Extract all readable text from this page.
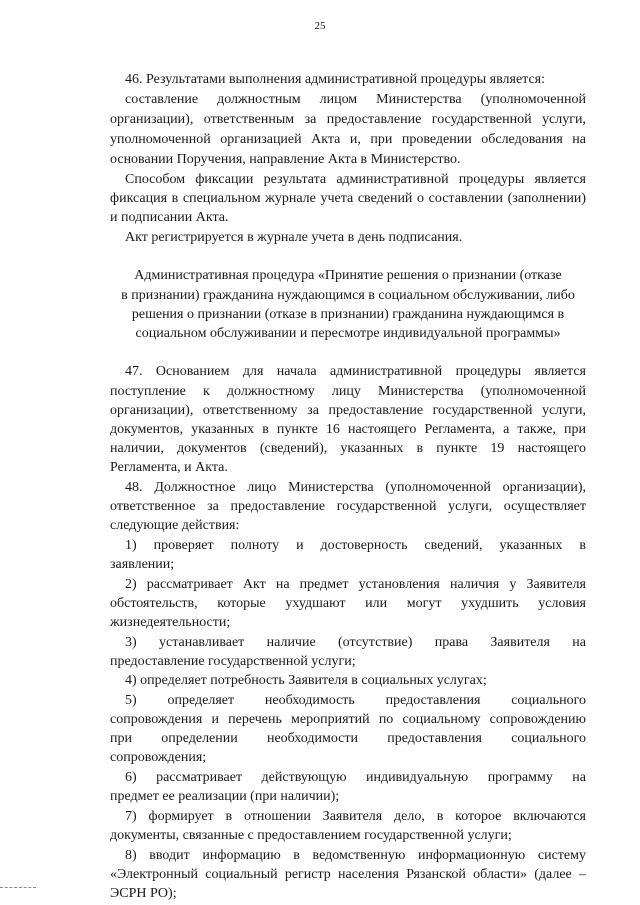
25
46. Результатами выполнения административной процедуры является:
составление должностным лицом Министерства (уполномоченной
организации), ответственным за предоставление государственной услуги,
уполномоченной организацией Акта и, при проведении обследования на
основании Поручения, направление Акта в Министерство.
Способом фиксации результата административной процедуры является
фиксация в специальном журнале учета сведений о составлении (заполнении)
и подписании Акта.
Акт регистрируется в журнале учета в день подписания.
Административная процедура «Принятие решения о признании (отказе
в признании) гражданина нуждающимся в социальном обслуживании, либо
решения о признании (отказе в признании) гражданина нуждающимся в
социальном обслуживании и пересмотре индивидуальной программы»
47. Основанием для начала административной процедуры является
поступление к должностному лицу Министерства (уполномоченной
организации), ответственному за предоставление государственной услуги,
документов, указанных в пункте 16 настоящего Регламента, а также, при
наличии, документов (сведений), указанных в пункте 19 настоящего
Регламента, и Акта.
48. Должностное лицо Министерства (уполномоченной организации),
ответственное за предоставление государственной услуги, осуществляет
следующие действия:
1) проверяет полноту и достоверность сведений, указанных в
заявлении;
2) рассматривает Акт на предмет установления наличия у Заявителя
обстоятельств, которые ухудшают или могут ухудшить условия
жизнедеятельности;
3) устанавливает наличие (отсутствие) права Заявителя на
предоставление государственной услуги;
4) определяет потребность Заявителя в социальных услугах;
5) определяет необходимость предоставления социального
сопровождения и перечень мероприятий по социальному сопровождению
при определении необходимости предоставления социального
сопровождения;
6) рассматривает действующую индивидуальную программу на
предмет ее реализации (при наличии);
7) формирует в отношении Заявителя дело, в которое включаются
документы, связанные с предоставлением государственной услуги;
8) вводит информацию в ведомственную информационную систему
«Электронный социальный регистр населения Рязанской области» (далее –
ЭСРН РО);
